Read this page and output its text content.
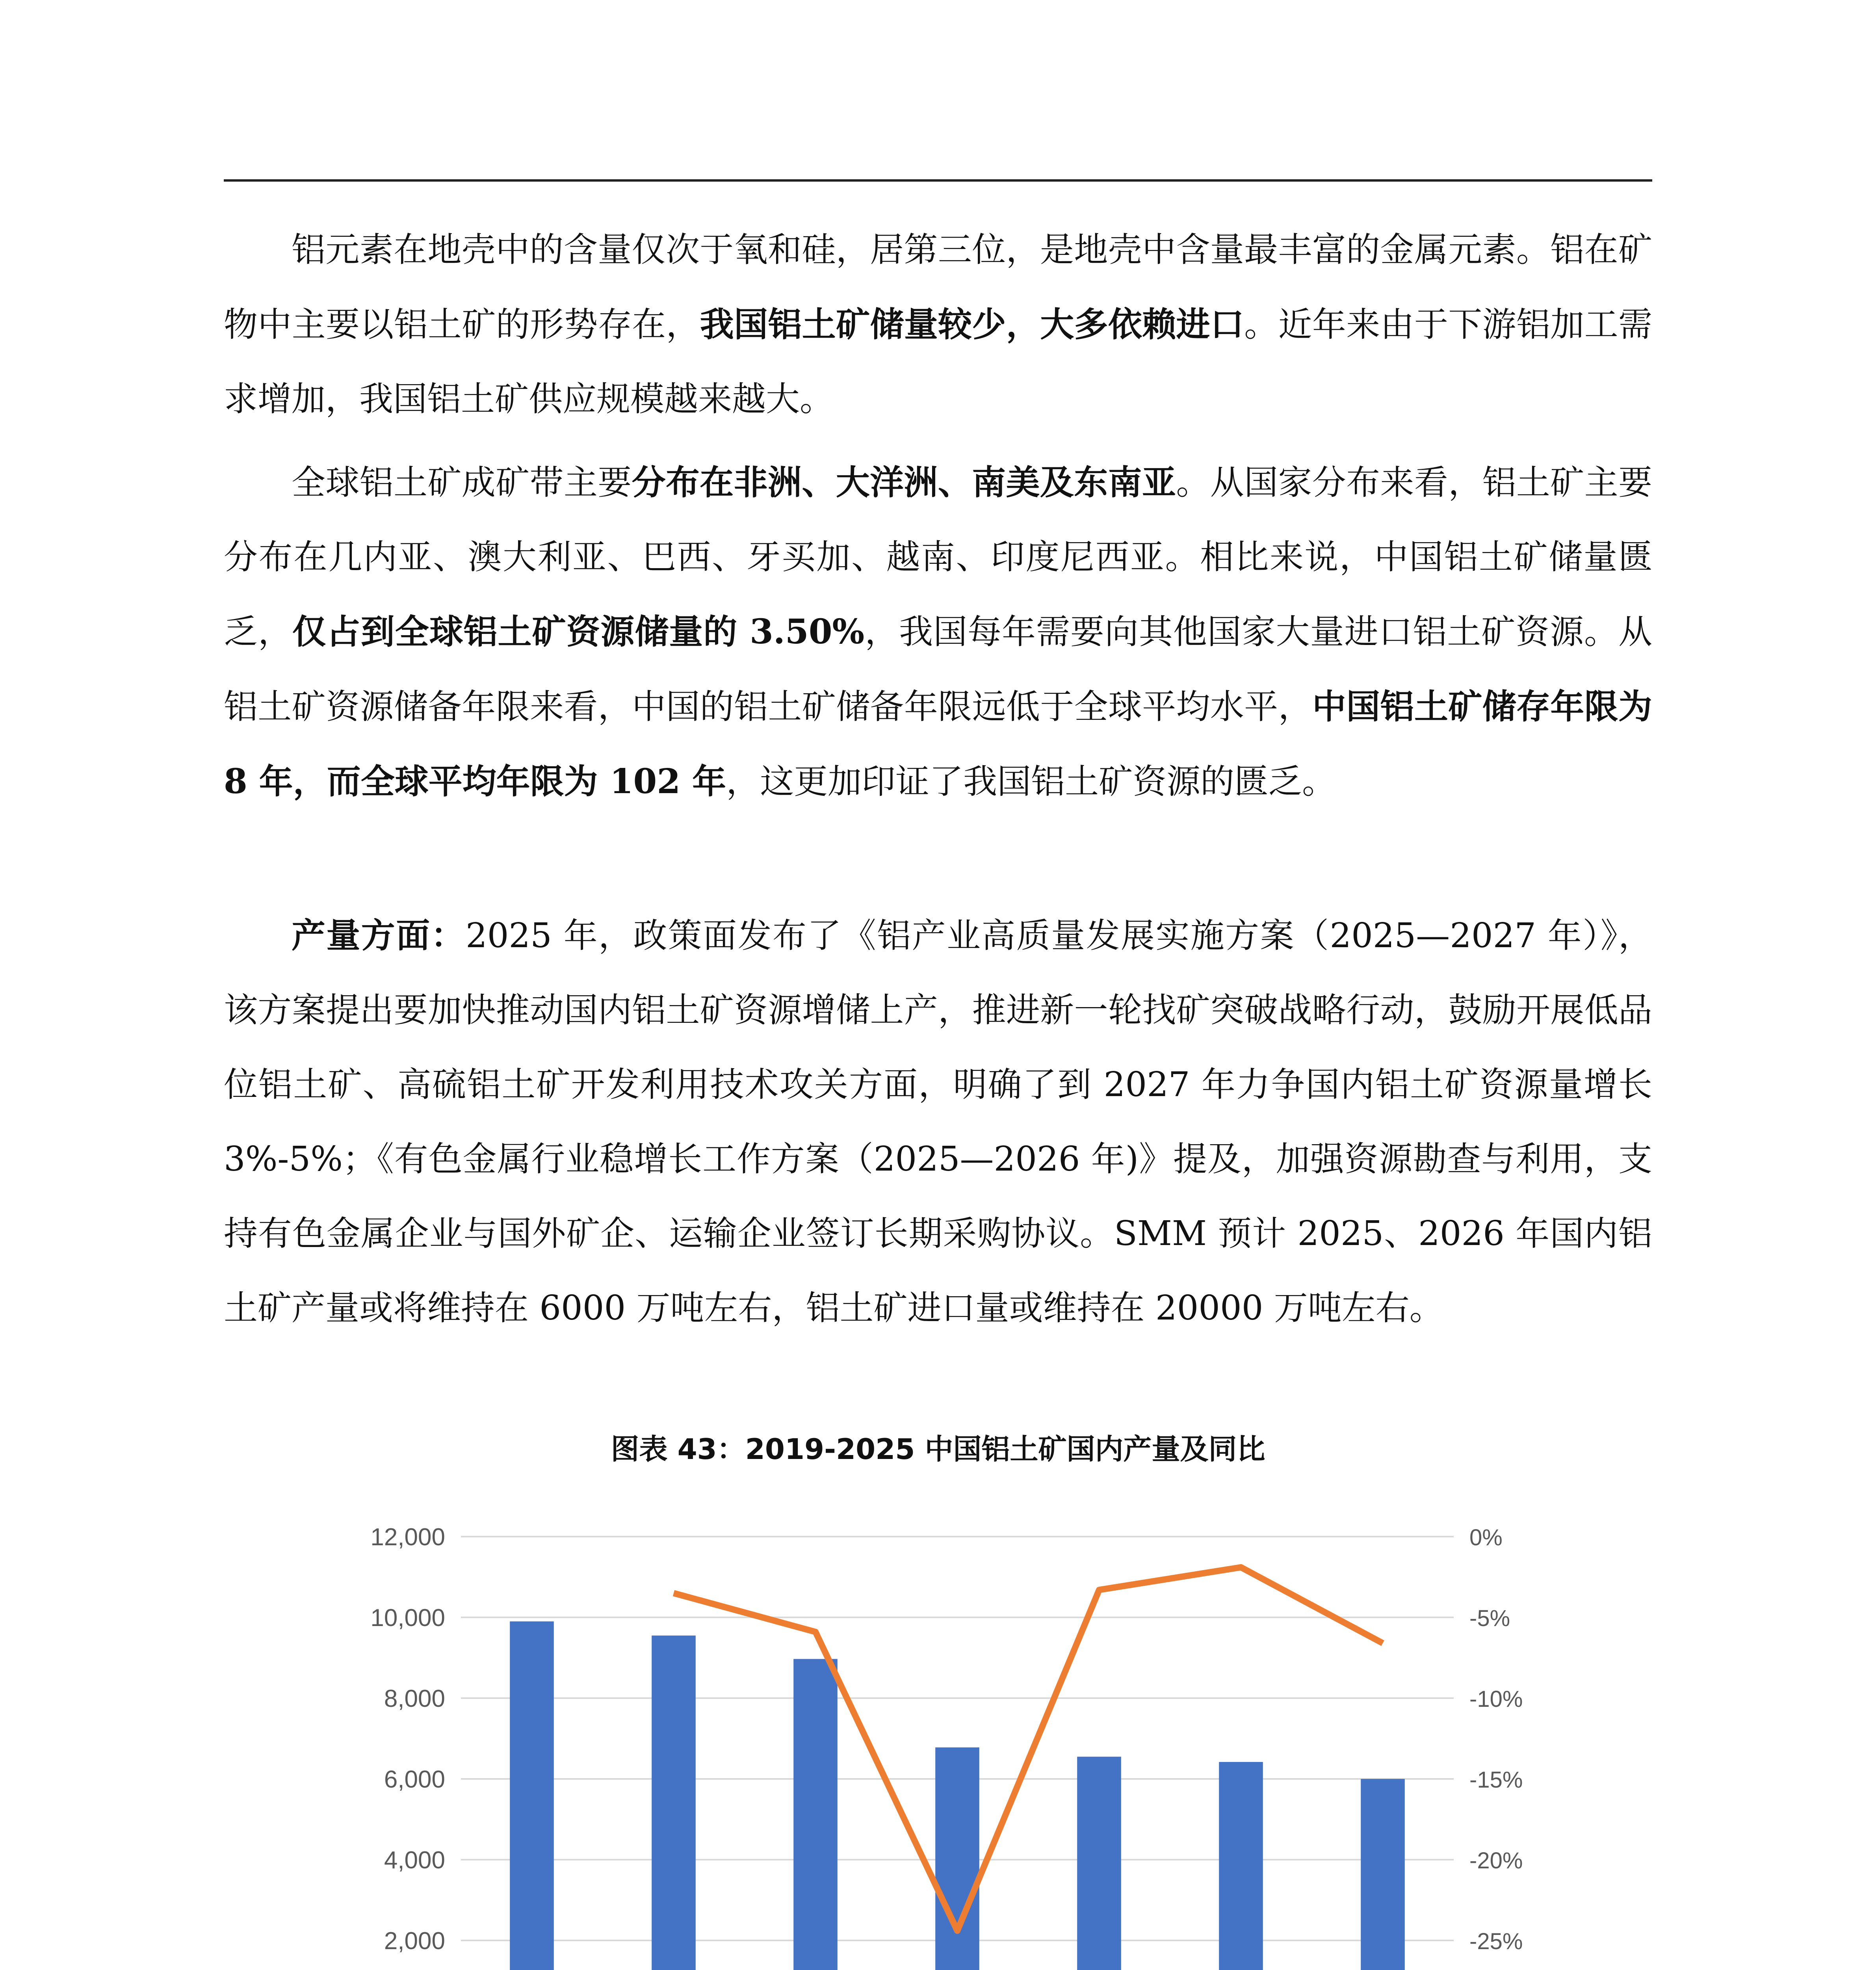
铝元素在地壳中的含量仅次于氧和硅，居第三位，是地壳中含量最丰富的金属元素。铝在矿物中主要以铝土矿的形势存在，我国铝土矿储量较少，大多依赖进口。近年来由于下游铝加工需求增加，我国铝土矿供应规模越来越大。

全球铝土矿成矿带主要分布在非洲、大洋洲、南美及东南亚。从国家分布来看，铝土矿主要分布在几内亚、澳大利亚、巴西、牙买加、越南、印度尼西亚。相比来说，中国铝土矿储量匮乏，仅占到全球铝土矿资源储量的 3.50%，我国每年需要向其他国家大量进口铝土矿资源。从铝土矿资源储备年限来看，中国的铝土矿储备年限远低于全球平均水平，中国铝土矿储存年限为 8 年，而全球平均年限为 102 年，这更加印证了我国铝土矿资源的匮乏。

产量方面：2025 年，政策面发布了《铝产业高质量发展实施方案（2025—2027 年）》，该方案提出要加快推动国内铝土矿资源增储上产，推进新一轮找矿突破战略行动，鼓励开展低品位铝土矿、高硫铝土矿开发利用技术攻关方面，明确了到 2027 年力争国内铝土矿资源量增长 3%-5%；《有色金属行业稳增长工作方案（2025—2026 年)》提及，加强资源勘查与利用，支持有色金属企业与国外矿企、运输企业签订长期采购协议。SMM 预计 2025、2026 年国内铝土矿产量或将维持在 6000 万吨左右，铝土矿进口量或维持在 20000 万吨左右。

图表 43：2019-2025 中国铝土矿国内产量及同比
2,000
4,000
6,000
8,000
10,000
12,000
-25%
-20%
-15%
-10%
-5%
0%
